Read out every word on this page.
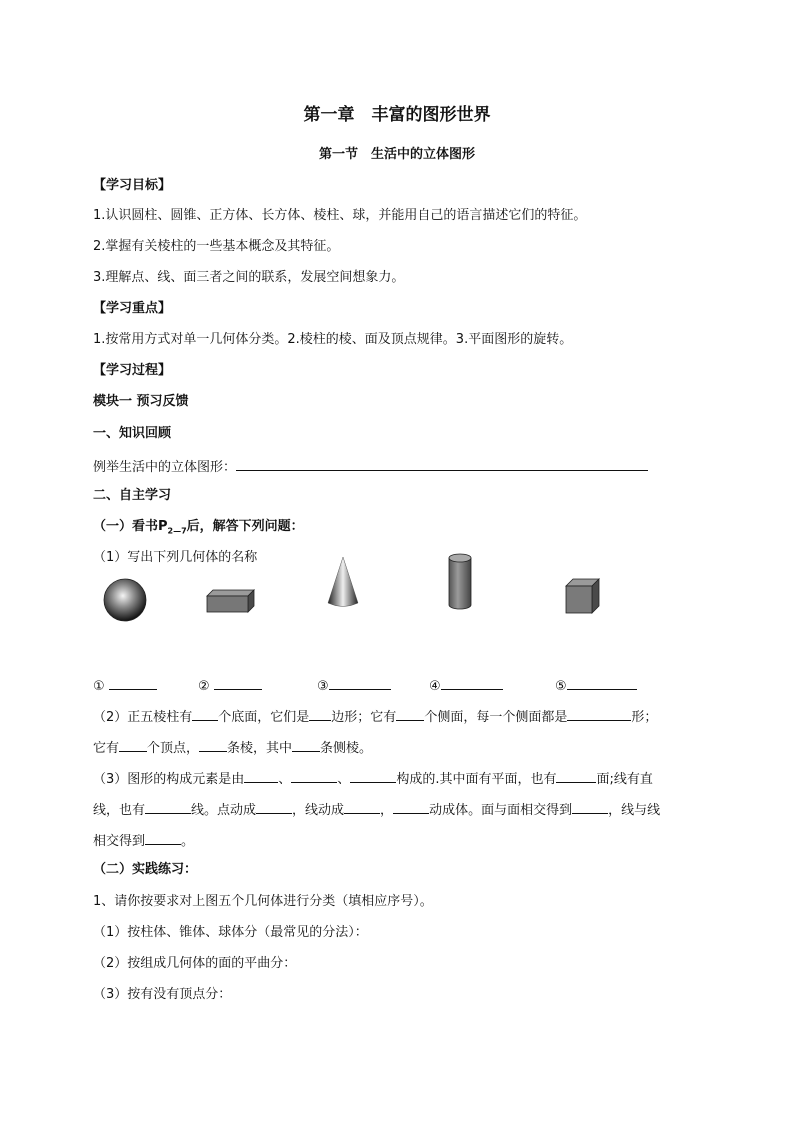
第一章　丰富的图形世界
第一节　生活中的立体图形
【学习目标】
1.认识圆柱、圆锥、正方体、长方体、棱柱、球，并能用自己的语言描述它们的特征。
2.掌握有关棱柱的一些基本概念及其特征。
3.理解点、线、面三者之间的联系，发展空间想象力。
【学习重点】
1.按常用方式对单一几何体分类。2.棱柱的棱、面及顶点规律。3.平面图形的旋转。
【学习过程】
模块一 预习反馈
一、知识回顾
例举生活中的立体图形：
二、自主学习
（一）看书$P_{2—7}$后，解答下列问题：
（1）写出下列几何体的名称
①	②	③	④	⑤
（2）正五棱柱有 个底面，它们是 边形；它有 个侧面，每一个侧面都是	形；
它有 个顶点， 条棱，其中 条侧棱。
（3）图形的构成元素是由	、	、	构成的.其中面有平面，也有	面;线有直
线，也有	线。点动成	，线动成	，	动成体。面与面相交得到	，线与线
相交得到	。
（二）实践练习：
1、请你按要求对上图五个几何体进行分类（填相应序号）。
（1）按柱体、锥体、球体分（最常见的分法）：
（2）按组成几何体的面的平曲分：
（3）按有没有顶点分：
